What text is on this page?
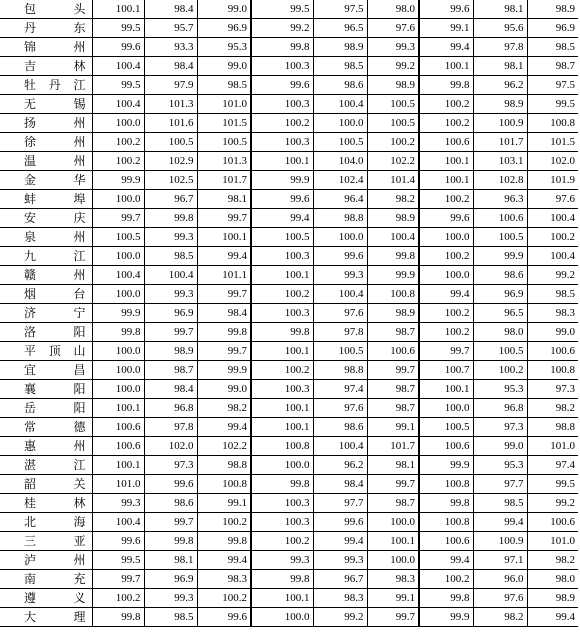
包 头	100.1	98.4	99.0	99.5	97.5	98.0	99.6	98.1	98.9
丹 东	99.5	95.7	96.9	99.2	96.5	97.6	99.1	95.6	96.9
锦 州	99.6	93.3	95.3	99.8	98.9	99.3	99.4	97.8	98.5
吉 林	100.4	98.4	99.0	100.3	98.5	99.2	100.1	98.1	98.7
牡丹江	99.5	97.9	98.5	99.6	98.6	98.9	99.8	96.2	97.5
无 锡	100.4	101.3	101.0	100.3	100.4	100.5	100.2	98.9	99.5
扬 州	100.0	101.6	101.5	100.2	100.0	100.5	100.2	100.9	100.8
徐 州	100.2	100.5	100.5	100.3	100.5	100.2	100.6	101.7	101.5
温 州	100.2	102.9	101.3	100.1	104.0	102.2	100.1	103.1	102.0
金 华	99.9	102.5	101.7	99.9	102.4	101.4	100.1	102.8	101.9
蚌 埠	100.0	96.7	98.1	99.6	96.4	98.2	100.2	96.3	97.6
安 庆	99.7	99.8	99.7	99.4	98.8	98.9	99.6	100.6	100.4
泉 州	100.5	99.3	100.1	100.5	100.0	100.4	100.0	100.5	100.2
九 江	100.0	98.5	99.4	100.3	99.6	99.8	100.2	99.9	100.4
赣 州	100.4	100.4	101.1	100.1	99.3	99.9	100.0	98.6	99.2
烟 台	100.0	99.3	99.7	100.2	100.4	100.8	99.4	96.9	98.5
济 宁	99.9	96.9	98.4	100.3	97.6	98.9	100.2	96.5	98.3
洛 阳	99.8	99.7	99.8	99.8	97.8	98.7	100.2	98.0	99.0
平顶山	100.0	98.9	99.7	100.1	100.5	100.6	99.7	100.5	100.6
宜 昌	100.0	98.7	99.9	100.2	98.8	99.7	100.7	100.2	100.8
襄 阳	100.0	98.4	99.0	100.3	97.4	98.7	100.1	95.3	97.3
岳 阳	100.1	96.8	98.2	100.1	97.6	98.7	100.0	96.8	98.2
常 德	100.6	97.8	99.4	100.1	98.6	99.1	100.5	97.3	98.8
惠 州	100.6	102.0	102.2	100.8	100.4	101.7	100.6	99.0	101.0
湛 江	100.1	97.3	98.8	100.0	96.2	98.1	99.9	95.3	97.4
韶 关	101.0	99.6	100.8	99.8	98.4	99.7	100.8	97.7	99.5
桂 林	99.3	98.6	99.1	100.3	97.7	98.7	99.8	98.5	99.2
北 海	100.4	99.7	100.2	100.3	99.6	100.0	100.8	99.4	100.6
三 亚	99.6	99.8	99.8	100.2	99.4	100.1	100.6	100.9	101.0
泸 州	99.5	98.1	99.4	99.3	99.3	100.0	99.4	97.1	98.2
南 充	99.7	96.9	98.3	99.8	96.7	98.3	100.2	96.0	98.0
遵 义	100.2	99.3	100.2	100.1	98.3	99.1	99.8	97.6	98.9
大 理	99.8	98.5	99.6	100.0	99.2	99.7	99.9	98.2	99.4
